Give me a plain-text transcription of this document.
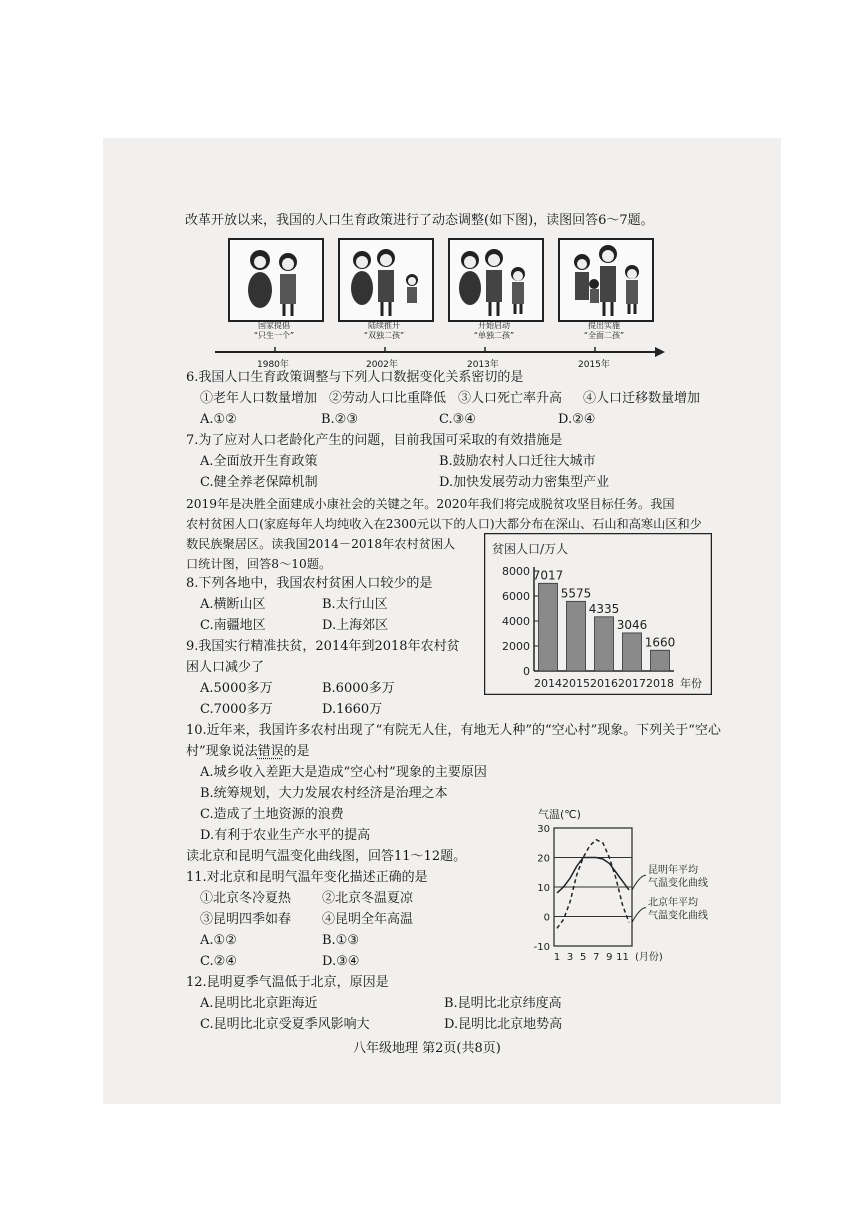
改革开放以来，我国的人口生育政策进行了动态调整(如下图)，读图回答6～7题。
国家提倡
“只生一个”
陆续推开
“双独二孩”
开始启动
“单独二孩”
提出实施
“全面二孩”
1980年	2002年	2013年	2015年
6.我国人口生育政策调整与下列人口数据变化关系密切的是
①老年人口数量增加 ②劳动人口比重降低 ③人口死亡率升高 ④人口迁移数量增加
A.①②	B.②③	C.③④	D.②④
7.为了应对人口老龄化产生的问题，目前我国可采取的有效措施是
A.全面放开生育政策	B.鼓励农村人口迁往大城市
C.健全养老保障机制	D.加快发展劳动力密集型产业
2019年是决胜全面建成小康社会的关键之年。2020年我们将完成脱贫攻坚目标任务。我国
农村贫困人口(家庭每年人均纯收入在2300元以下的人口)大都分布在深山、石山和高寒山区和少
数民族聚居区。读我国2014－2018年农村贫困人
口统计图，回答8～10题。
贫困人口/万人
0
2000
4000
6000
8000 7017
2014
5575
2015
4335
2016
3046
2017
1660
2018 年份
8.下列各地中，我国农村贫困人口较少的是
A.横断山区	B.太行山区
C.南疆地区	D.上海郊区
9.我国实行精准扶贫，2014年到2018年农村贫
困人口减少了
A.5000多万	B.6000多万
C.7000多万	D.1660万
10.近年来，我国许多农村出现了“有院无人住，有地无人种”的“空心村”现象。下列关于“空心
村”现象说法错误的是
A.城乡收入差距大是造成“空心村”现象的主要原因
B.统筹规划，大力发展农村经济是治理之本
C.造成了土地资源的浪费
D.有利于农业生产水平的提高
读北京和昆明气温变化曲线图，回答11～12题。
气温(℃)
-10
0
10
20
30
1 3 5 7 9 11 (月份)
昆明年平均
气温变化曲线
北京年平均
气温变化曲线
11.对北京和昆明气温年变化描述正确的是
①北京冬冷夏热 ②北京冬温夏凉
③昆明四季如春 ④昆明全年高温
A.①②	B.①③
C.②④	D.③④
12.昆明夏季气温低于北京，原因是
A.昆明比北京距海近	B.昆明比北京纬度高
C.昆明比北京受夏季风影响大	D.昆明比北京地势高
八年级地理 第2页(共8页)
